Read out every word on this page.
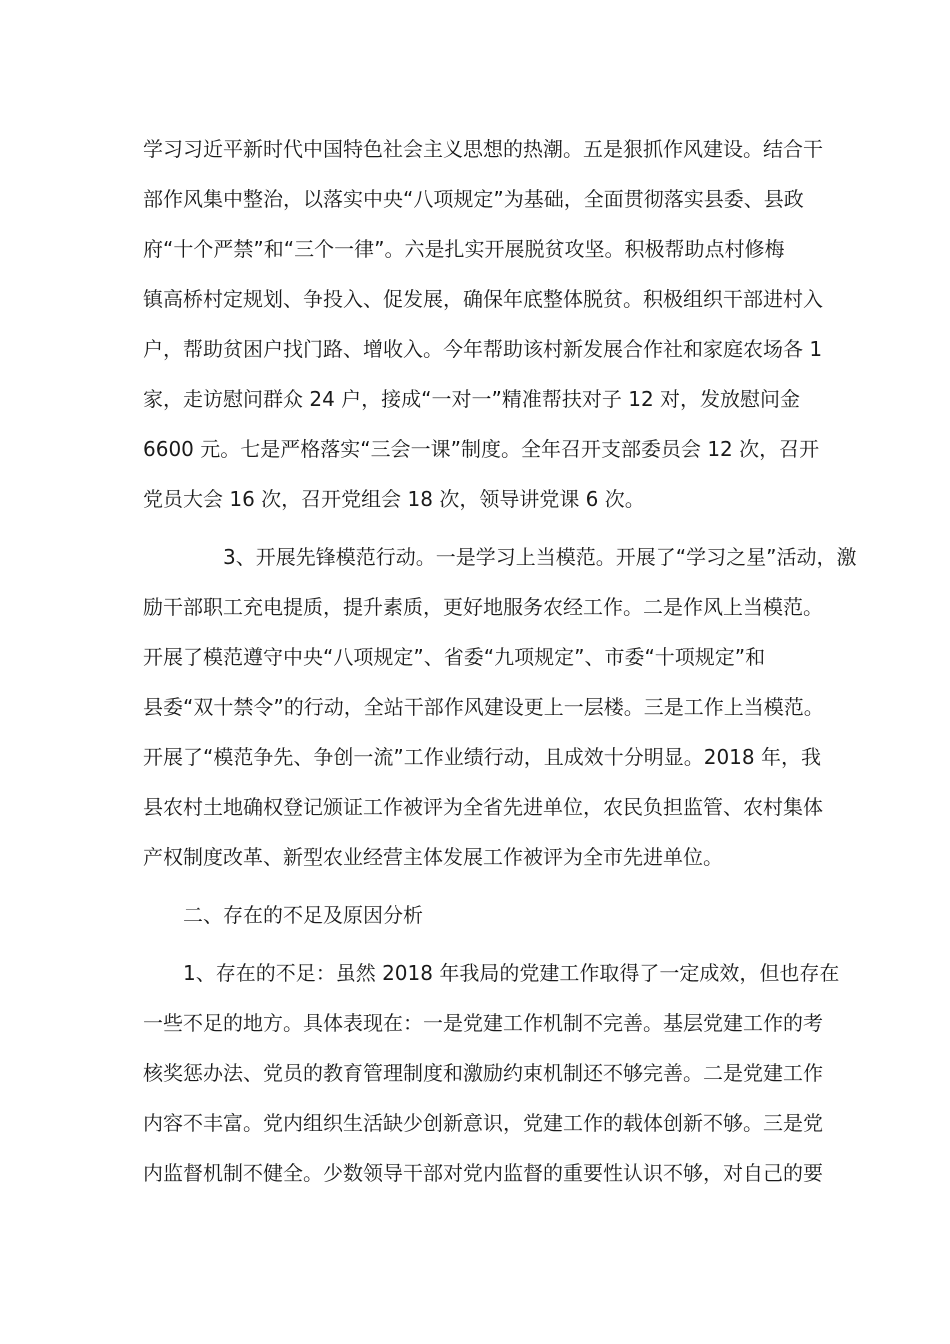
学习习近平新时代中国特色社会主义思想的热潮。五是狠抓作风建设。结合干
部作风集中整治，以落实中央“八项规定”为基础，全面贯彻落实县委、县政
府“十个严禁”和“三个一律”。六是扎实开展脱贫攻坚。积极帮助点村修梅
镇高桥村定规划、争投入、促发展，确保年底整体脱贫。积极组织干部进村入
户，帮助贫困户找门路、增收入。今年帮助该村新发展合作社和家庭农场各 1
家，走访慰问群众 24 户，接成“一对一”精准帮扶对子 12 对，发放慰问金
6600 元。七是严格落实“三会一课”制度。全年召开支部委员会 12 次，召开
党员大会 16 次，召开党组会 18 次，领导讲党课 6 次。
3、开展先锋模范行动。一是学习上当模范。开展了“学习之星”活动，激
励干部职工充电提质，提升素质，更好地服务农经工作。二是作风上当模范。
开展了模范遵守中央“八项规定”、省委“九项规定”、市委“十项规定”和
县委“双十禁令”的行动，全站干部作风建设更上一层楼。三是工作上当模范。
开展了“模范争先、争创一流”工作业绩行动，且成效十分明显。2018 年，我
县农村土地确权登记颁证工作被评为全省先进单位，农民负担监管、农村集体
产权制度改革、新型农业经营主体发展工作被评为全市先进单位。
二、存在的不足及原因分析
1、存在的不足：虽然 2018 年我局的党建工作取得了一定成效，但也存在
一些不足的地方。具体表现在：一是党建工作机制不完善。基层党建工作的考
核奖惩办法、党员的教育管理制度和激励约束机制还不够完善。二是党建工作
内容不丰富。党内组织生活缺少创新意识，党建工作的载体创新不够。三是党
内监督机制不健全。少数领导干部对党内监督的重要性认识不够，对自己的要
